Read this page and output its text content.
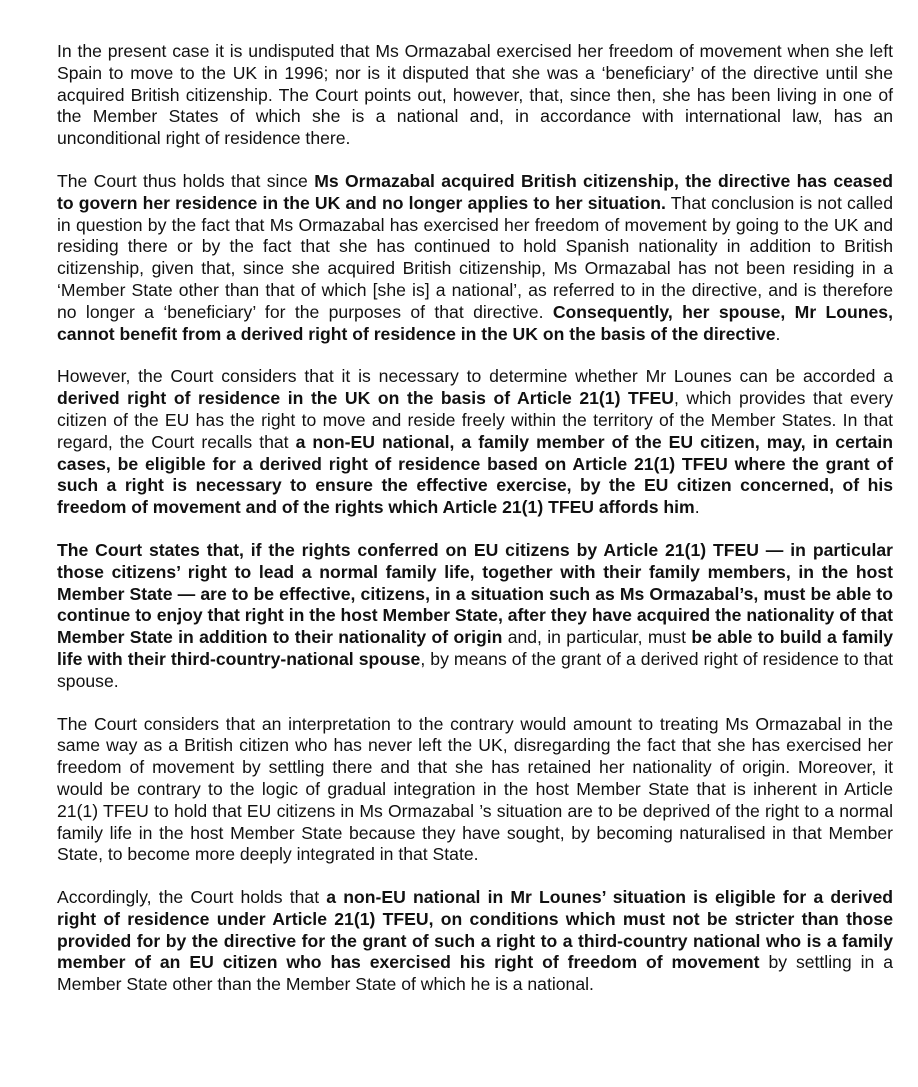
In the present case it is undisputed that Ms Ormazabal exercised her freedom of movement when she left Spain to move to the UK in 1996; nor is it disputed that she was a ‘beneficiary’ of the directive until she acquired British citizenship. The Court points out, however, that, since then, she has been living in one of the Member States of which she is a national and, in accordance with international law, has an unconditional right of residence there.

The Court thus holds that since Ms Ormazabal acquired British citizenship, the directive has ceased to govern her residence in the UK and no longer applies to her situation. That conclusion is not called in question by the fact that Ms Ormazabal has exercised her freedom of movement by going to the UK and residing there or by the fact that she has continued to hold Spanish nationality in addition to British citizenship, given that, since she acquired British citizenship, Ms Ormazabal has not been residing in a ‘Member State other than that of which [she is] a national’, as referred to in the directive, and is therefore no longer a ‘beneficiary’ for the purposes of that directive. Consequently, her spouse, Mr Lounes, cannot benefit from a derived right of residence in the UK on the basis of the directive.

However, the Court considers that it is necessary to determine whether Mr Lounes can be accorded a derived right of residence in the UK on the basis of Article 21(1) TFEU, which provides that every citizen of the EU has the right to move and reside freely within the territory of the Member States. In that regard, the Court recalls that a non-EU national, a family member of the EU citizen, may, in certain cases, be eligible for a derived right of residence based on Article 21(1) TFEU where the grant of such a right is necessary to ensure the effective exercise, by the EU citizen concerned, of his freedom of movement and of the rights which Article 21(1) TFEU affords him.

The Court states that, if the rights conferred on EU citizens by Article 21(1) TFEU — in particular those citizens’ right to lead a normal family life, together with their family members, in the host Member State — are to be effective, citizens, in a situation such as Ms Ormazabal’s, must be able to continue to enjoy that right in the host Member State, after they have acquired the nationality of that Member State in addition to their nationality of origin and, in particular, must be able to build a family life with their third-country-national spouse, by means of the grant of a derived right of residence to that spouse.

The Court considers that an interpretation to the contrary would amount to treating Ms Ormazabal in the same way as a British citizen who has never left the UK, disregarding the fact that she has exercised her freedom of movement by settling there and that she has retained her nationality of origin. Moreover, it would be contrary to the logic of gradual integration in the host Member State that is inherent in Article 21(1) TFEU to hold that EU citizens in Ms Ormazabal ’s situation are to be deprived of the right to a normal family life in the host Member State because they have sought, by becoming naturalised in that Member State, to become more deeply integrated in that State.

Accordingly, the Court holds that a non-EU national in Mr Lounes’ situation is eligible for a derived right of residence under Article 21(1) TFEU, on conditions which must not be stricter than those provided for by the directive for the grant of such a right to a third-country national who is a family member of an EU citizen who has exercised his right of freedom of movement by settling in a Member State other than the Member State of which he is a national.
